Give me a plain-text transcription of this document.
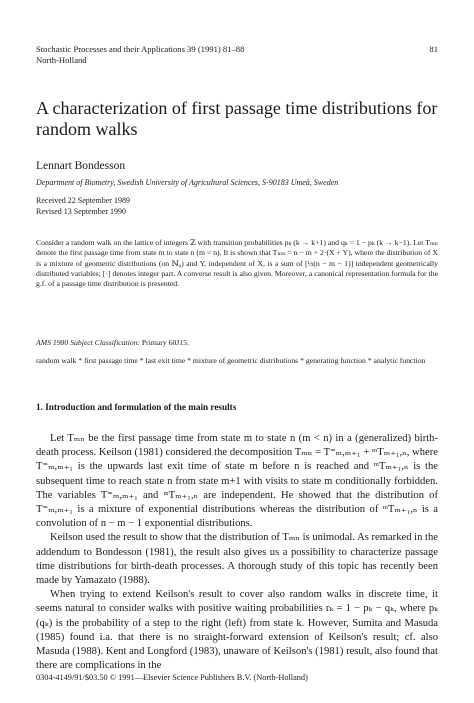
Stochastic Processes and their Applications 39 (1991) 81–88
North-Holland
81
A characterization of first passage time distributions for random walks
Lennart Bondesson
Department of Biometry, Swedish University of Agricultural Sciences, S-90183 Umeå, Sweden
Received 22 September 1989
Revised 13 September 1990
Consider a random walk on the lattice of integers ℤ with transition probabilities pₖ (k → k+1) and qₖ = 1 − pₖ (k → k−1). Let Tₘₙ denote the first passage time from state m to state n (m < n). It is shown that Tₘₙ = n − m + 2·(X + Y), where the distribution of X is a mixture of geometric distributions (on ℕ₀) and Y, independent of X, is a sum of [½(n − m − 1)] independent geometrically distributed variables; [·] denotes integer part. A converse result is also given. Moreover, a canonical representation formula for the g.f. of a passage time distribution is presented.
AMS 1980 Subject Classification: Primary 60J15.
random walk * first passage time * last exit time * mixture of geometric distributions * generating function * analytic function
1. Introduction and formulation of the main results

Let Tₘₙ be the first passage time from state m to state n (m < n) in a (generalized) birth-death process. Keilson (1981) considered the decomposition Tₘₙ = T⁼ₘ,ₘ₊₁ + ᵐTₘ₊₁,ₙ, where T⁼ₘ,ₘ₊₁ is the upwards last exit time of state m before n is reached and ᵐTₘ₊₁,ₙ is the subsequent time to reach state n from state m+1 with visits to state m conditionally forbidden. The variables T⁼ₘ,ₘ₊₁ and ᵐTₘ₊₁,ₙ are independent. He showed that the distribution of T⁼ₘ,ₘ₊₁ is a mixture of exponential distributions whereas the distribution of ᵐTₘ₊₁,ₙ is a convolution of n − m − 1 exponential distributions.

Keilson used the result to show that the distribution of Tₘₙ is unimodal. As remarked in the addendum to Bondesson (1981), the result also gives us a possibility to characterize passage time distributions for birth-death processes. A thorough study of this topic has recently been made by Yamazato (1988).

When trying to extend Keilson's result to cover also random walks in discrete time, it seems natural to consider walks with positive waiting probabilities rₖ = 1 − pₖ − qₖ, where pₖ (qₖ) is the probability of a step to the right (left) from state k. However, Sumita and Masuda (1985) found i.a. that there is no straight-forward extension of Keilson's result; cf. also Masuda (1988). Kent and Longford (1983), unaware of Keilson's (1981) result, also found that there are complications in the

0304-4149/91/$03.50 © 1991—Elsevier Science Publishers B.V. (North-Holland)
